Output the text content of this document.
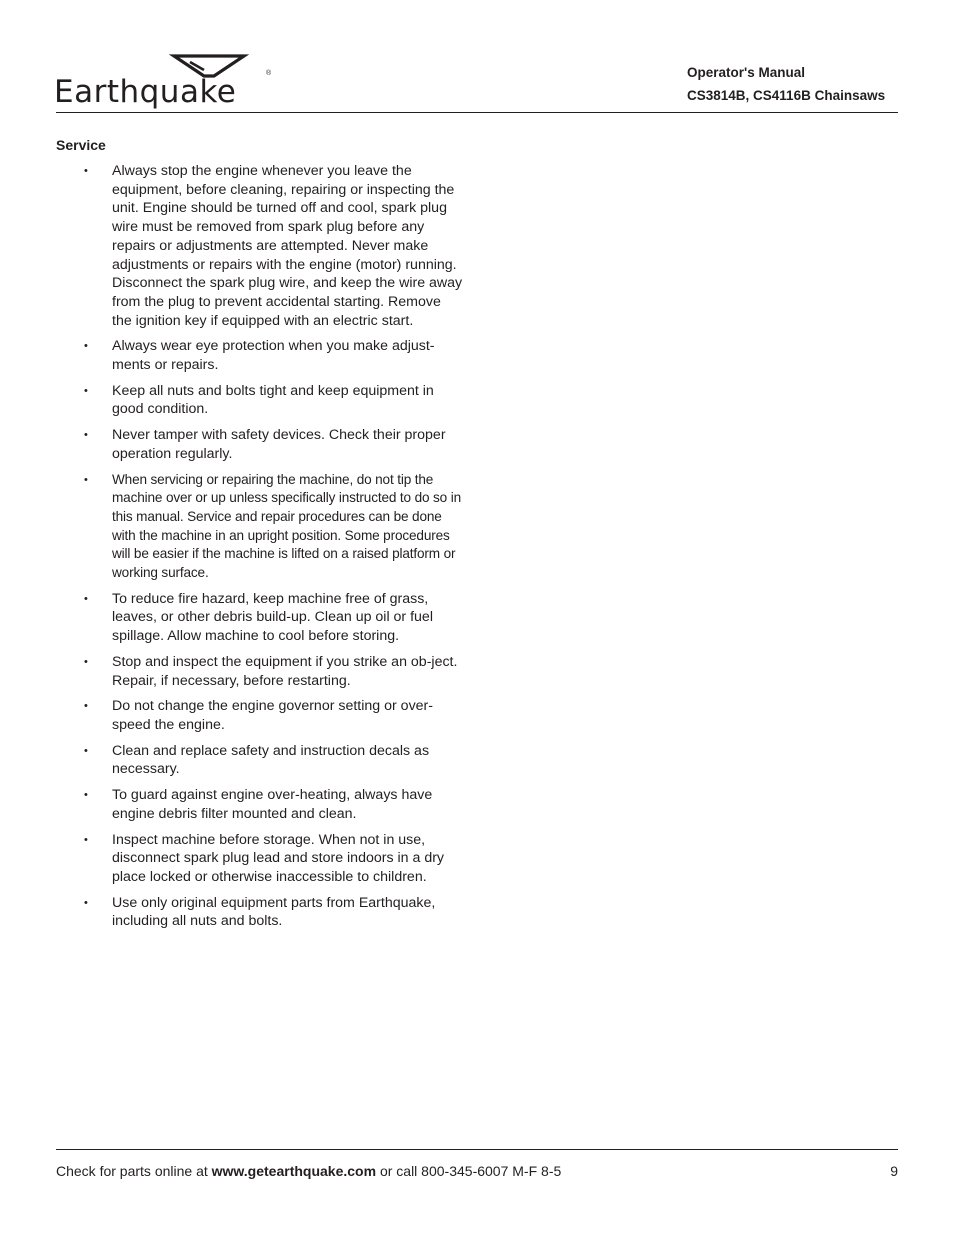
Earthquake
®	Operator's Manual
CS3814B, CS4116B Chainsaws
Service
•	Always stop the engine whenever you leave the equipment, before cleaning, repairing or inspecting the unit. Engine should be turned off and cool, spark plug wire must be removed from spark plug before any repairs or adjustments are attempted. Never make adjustments or repairs with the engine (motor) running. Disconnect the spark plug wire, and keep the wire away from the plug to prevent accidental starting. Remove the ignition key if equipped with an electric start.
•	Always wear eye protection when you make adjust-ments or repairs.
•	Keep all nuts and bolts tight and keep equipment in good condition.
•	Never tamper with safety devices. Check their proper operation regularly.
•	When servicing or repairing the machine, do not tip the machine over or up unless specifically instructed to do so in this manual. Service and repair procedures can be done with the machine in an upright position. Some procedures will be easier if the machine is lifted on a raised platform or working surface.
•	To reduce fire hazard, keep machine free of grass, leaves, or other debris build-up. Clean up oil or fuel spillage. Allow machine to cool before storing.
•	Stop and inspect the equipment if you strike an ob-ject. Repair, if necessary, before restarting.
•	Do not change the engine governor setting or over-speed the engine.
•	Clean and replace safety and instruction decals as necessary.
•	To guard against engine over-heating, always have engine debris filter mounted and clean.
•	Inspect machine before storage. When not in use, disconnect spark plug lead and store indoors in a dry place locked or otherwise inaccessible to children.
•	Use only original equipment parts from Earthquake, including all nuts and bolts.
Check for parts online at www.getearthquake.com or call 800-345-6007 M-F 8-5	9
